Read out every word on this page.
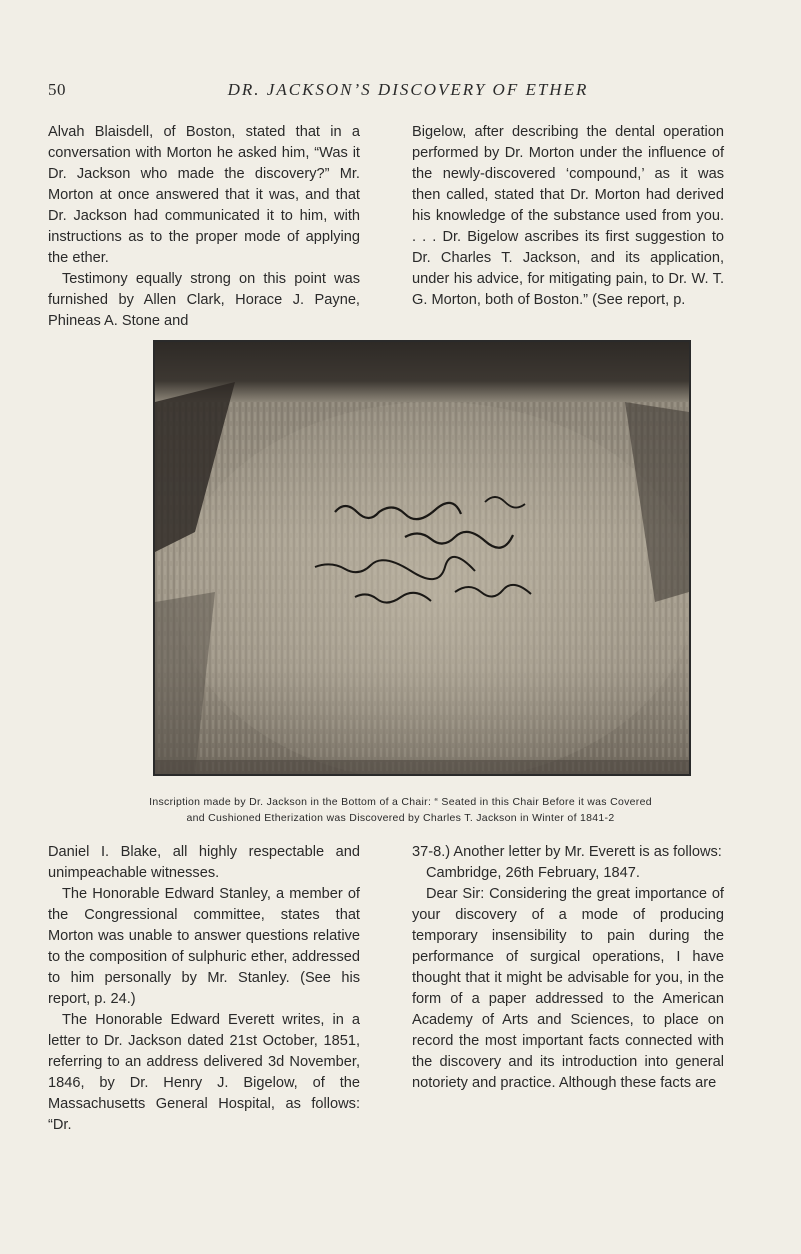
50	DR. JACKSON’S DISCOVERY OF ETHER

Alvah Blaisdell, of Boston, stated that in a conversation with Morton he asked him, “Was it Dr. Jackson who made the discovery?” Mr. Morton at once answered that it was, and that Dr. Jackson had communicated it to him, with instructions as to the proper mode of applying the ether.

Testimony equally strong on this point was furnished by Allen Clark, Horace J. Payne, Phineas A. Stone and

Bigelow, after describing the dental operation performed by Dr. Morton under the influence of the newly-discovered ‘compound,’ as it was then called, stated that Dr. Morton had derived his knowledge of the substance used from you. . . . Dr. Bigelow ascribes its first suggestion to Dr. Charles T. Jackson, and its application, under his advice, for mitigating pain, to Dr. W. T. G. Morton, both of Boston.” (See report, p.

Inscription made by Dr. Jackson in the Bottom of a Chair: “ Seated in this Chair Before it was Covered
and Cushioned Etherization was Discovered by Charles T. Jackson in Winter of 1841-2

Daniel I. Blake, all highly respectable and unimpeachable witnesses.

The Honorable Edward Stanley, a member of the Congressional committee, states that Morton was unable to answer questions relative to the composition of sulphuric ether, addressed to him personally by Mr. Stanley. (See his report, p. 24.)

The Honorable Edward Everett writes, in a letter to Dr. Jackson dated 21st October, 1851, referring to an address delivered 3d November, 1846, by Dr. Henry J. Bigelow, of the Massachusetts General Hospital, as follows: “Dr.

37-8.) Another letter by Mr. Everett is as follows:

Cambridge, 26th February, 1847.

Dear Sir: Considering the great importance of your discovery of a mode of producing temporary insensibility to pain during the performance of surgical operations, I have thought that it might be advisable for you, in the form of a paper addressed to the American Academy of Arts and Sciences, to place on record the most important facts connected with the discovery and its introduction into general notoriety and practice. Although these facts are
